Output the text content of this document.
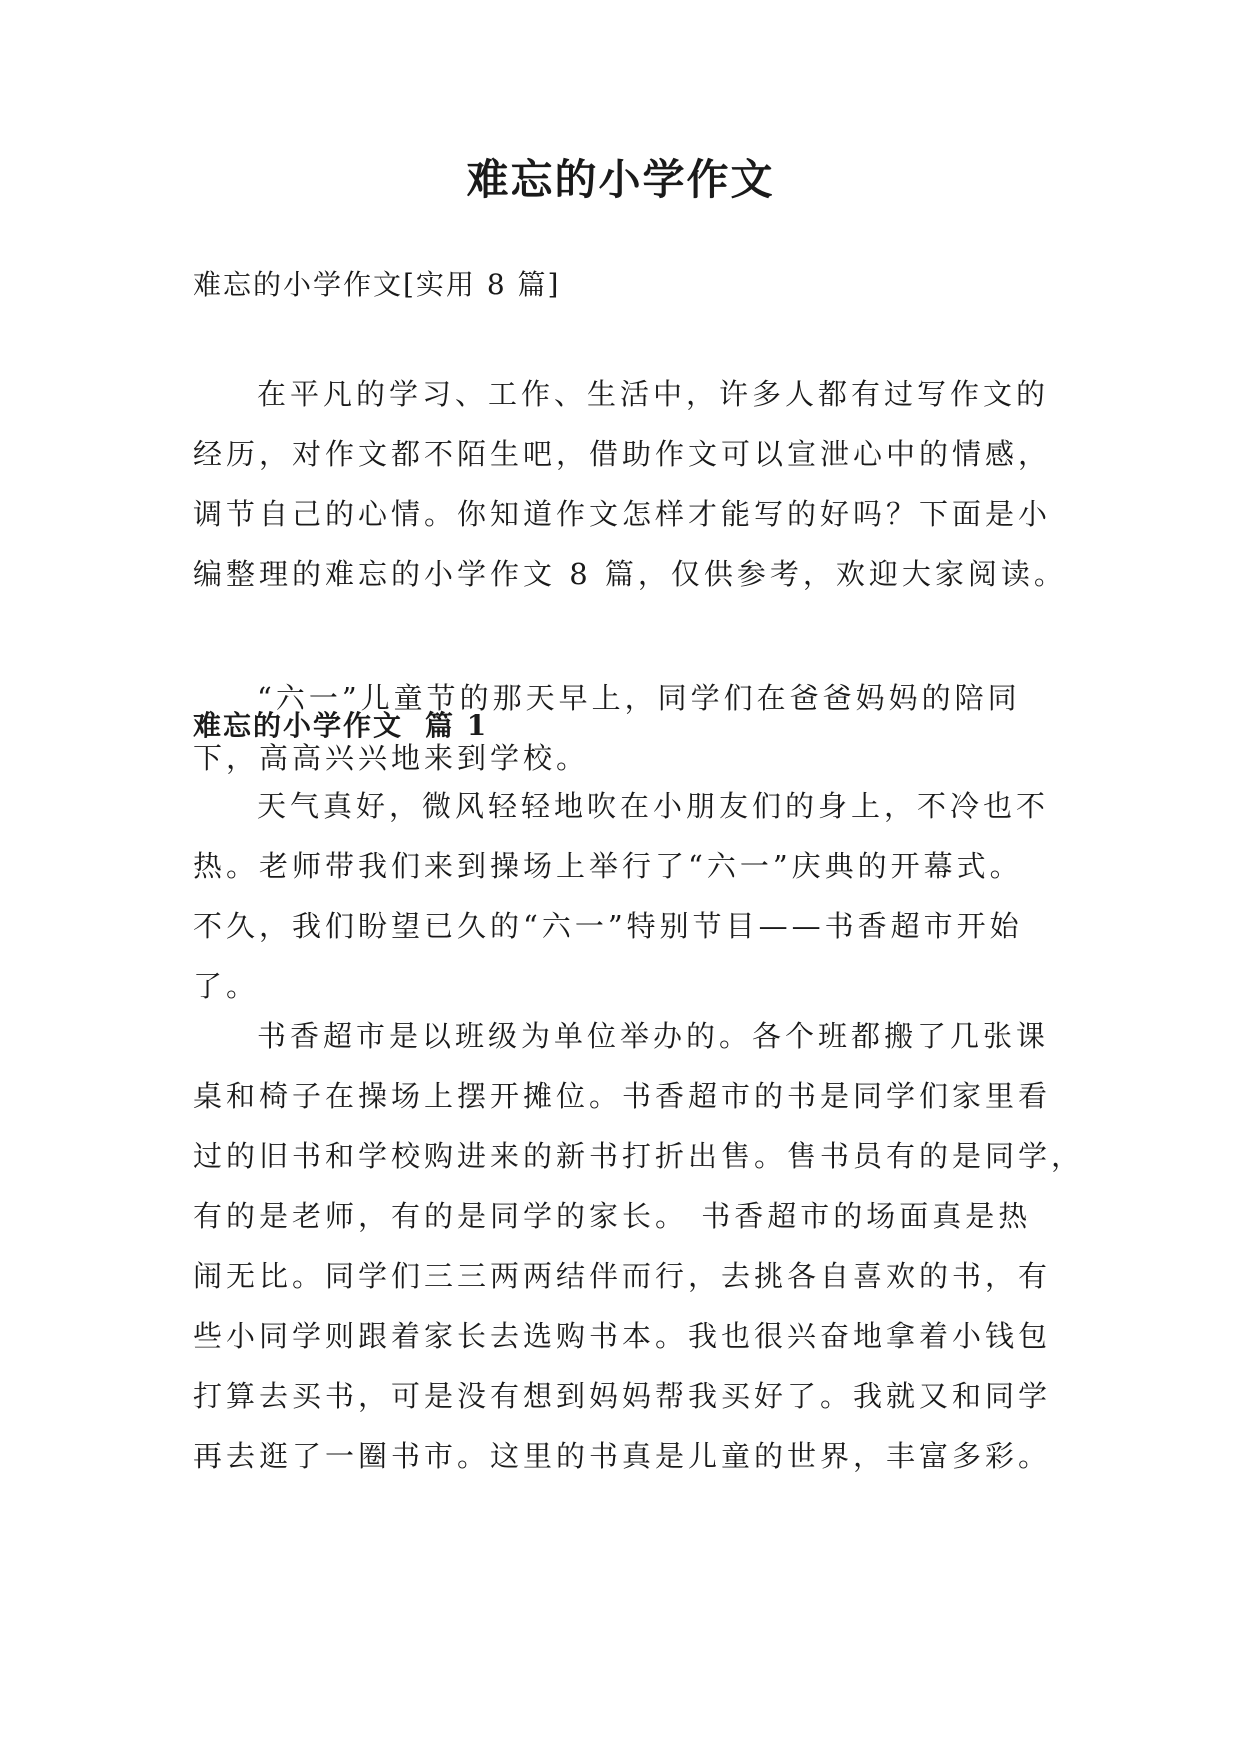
难忘的小学作文

难忘的小学作文[实用 8 篇]

在平凡的学习、工作、生活中，许多人都有过写作文的
经历，对作文都不陌生吧，借助作文可以宣泄心中的情感，
调节自己的心情。你知道作文怎样才能写的好吗？下面是小
编整理的难忘的小学作文 8 篇，仅供参考，欢迎大家阅读。
难忘的小学作文 篇 1
“六一”儿童节的那天早上，同学们在爸爸妈妈的陪同
下，高高兴兴地来到学校。
天气真好，微风轻轻地吹在小朋友们的身上，不冷也不
热。老师带我们来到操场上举行了“六一”庆典的开幕式。
不久，我们盼望已久的“六一”特别节目——书香超市开始
了。
书香超市是以班级为单位举办的。各个班都搬了几张课
桌和椅子在操场上摆开摊位。书香超市的书是同学们家里看
过的旧书和学校购进来的新书打折出售。售书员有的是同学，
有的是老师，有的是同学的家长。 书香超市的场面真是热
闹无比。同学们三三两两结伴而行，去挑各自喜欢的书，有
些小同学则跟着家长去选购书本。我也很兴奋地拿着小钱包
打算去买书，可是没有想到妈妈帮我买好了。我就又和同学
再去逛了一圈书市。这里的书真是儿童的世界，丰富多彩。
